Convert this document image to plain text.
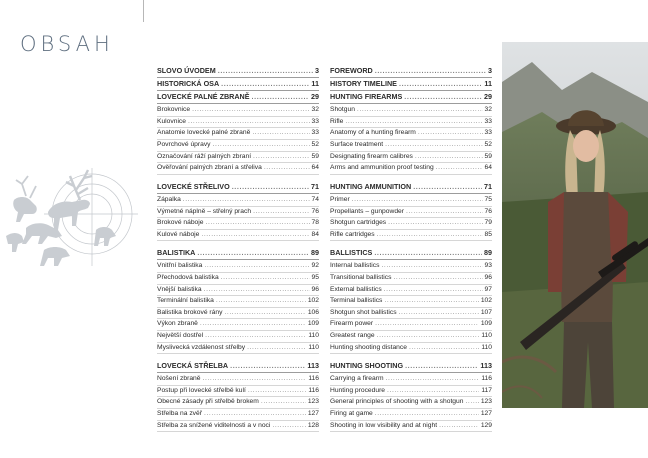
OBSAH
SLOVO ÚVODEM .....	3
HISTORICKÁ OSA .....	11
LOVECKÉ PALNÉ ZBRANĚ .....	29
Brokovnice .....	32
Kulovnice .....	33
Anatomie lovecké palné zbraně .....	33
Povrchové úpravy .....	52
Označování ráží palných zbraní .....	59
Ověřování palných zbraní a střeliva .....	64
LOVECKÉ STŘELIVO .....	71
Zápalka .....	74
Výmetné náplně – střelný prach .....	76
Brokové náboje .....	78
Kulové náboje .....	84
BALISTIKA .....	89
Vnitřní balistika .....	92
Přechodová balistika .....	95
Vnější balistika .....	96
Terminální balistika .....	102
Balistika brokové rány .....	106
Výkon zbraně .....	109
Největší dostřel .....	110
Myslivecká vzdálenost střelby .....	110
LOVECKÁ STŘELBA .....	113
Nošení zbraně .....	116
Postup při lovecké střelbě kulí .....	116
Obecné zásady při střelbě brokem .....	123
Střelba na zvěř .....	127
Střelba za snížené viditelnosti a v noci .....	128
FOREWORD .....	3
HISTORY TIMELINE .....	11
HUNTING FIREARMS .....	29
Shotgun .....	32
Rifle .....	33
Anatomy of a hunting firearm .....	33
Surface treatment .....	52
Designating firearm calibres .....	59
Arms and ammunition proof testing .....	64
HUNTING AMMUNITION .....	71
Primer .....	75
Propellants – gunpowder .....	76
Shotgun cartridges .....	79
Rifle cartridges .....	85
BALLISTICS .....	89
Internal ballistics .....	93
Transitional ballistics .....	96
External ballistics .....	97
Terminal ballistics .....	102
Shotgun shot ballistics .....	107
Firearm power .....	109
Greatest range .....	110
Hunting shooting distance .....	110
HUNTING SHOOTING .....	113
Carrying a firearm .....	116
Hunting procedure .....	117
General principles of shooting with a shotgun .....	123
Firing at game .....	127
Shooting in low visibility and at night .....	129
